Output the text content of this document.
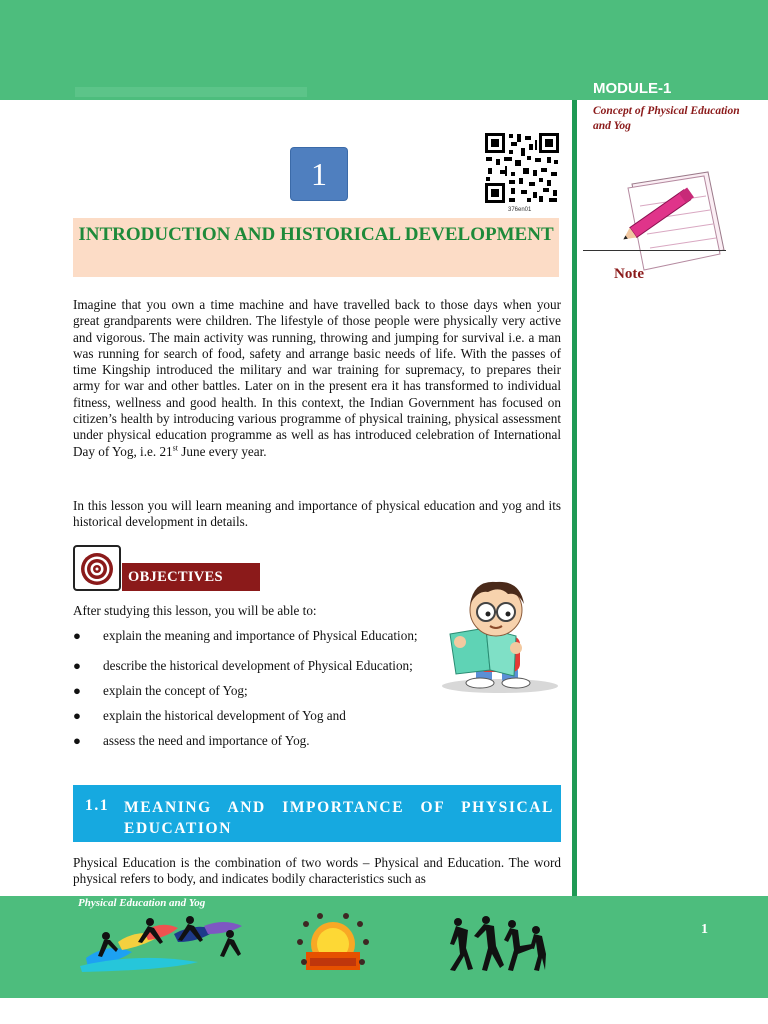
MODULE-1
Concept of Physical Education and Yog
Note
1
376en01
INTRODUCTION AND HISTORICAL DEVELOPMENT
Imagine that you own a time machine and have travelled back to those days when your great grandparents were children. The lifestyle of those people were physically very active and vigorous. The main activity was running, throwing and jumping for survival i.e. a man was running for search of food, safety and arrange basic needs of life. With the passes of time Kingship introduced the military and war training for supremacy, to prepares their army for war and other battles. Later on in the present era it has transformed to individual fitness, wellness and good health. In this context, the Indian Government has focused on citizen’s health by introducing various programme of physical training, physical assessment under physical education programme as well as has introduced celebration of International Day of Yog, i.e. 21st June every year.
In this lesson you will learn meaning and importance of physical education and yog and its historical development in details.
OBJECTIVES
After studying this lesson, you will be able to:
● explain the meaning and importance of Physical Education;
● describe the historical development of Physical Education;
● explain the concept of Yog;
● explain the historical development of Yog and
● assess the need and importance of Yog.
1.1 MEANING AND IMPORTANCE OF PHYSICAL EDUCATION
Physical Education is the combination of two words – Physical and Education. The word physical refers to body, and indicates bodily characteristics such as
Physical Education and Yog
1
